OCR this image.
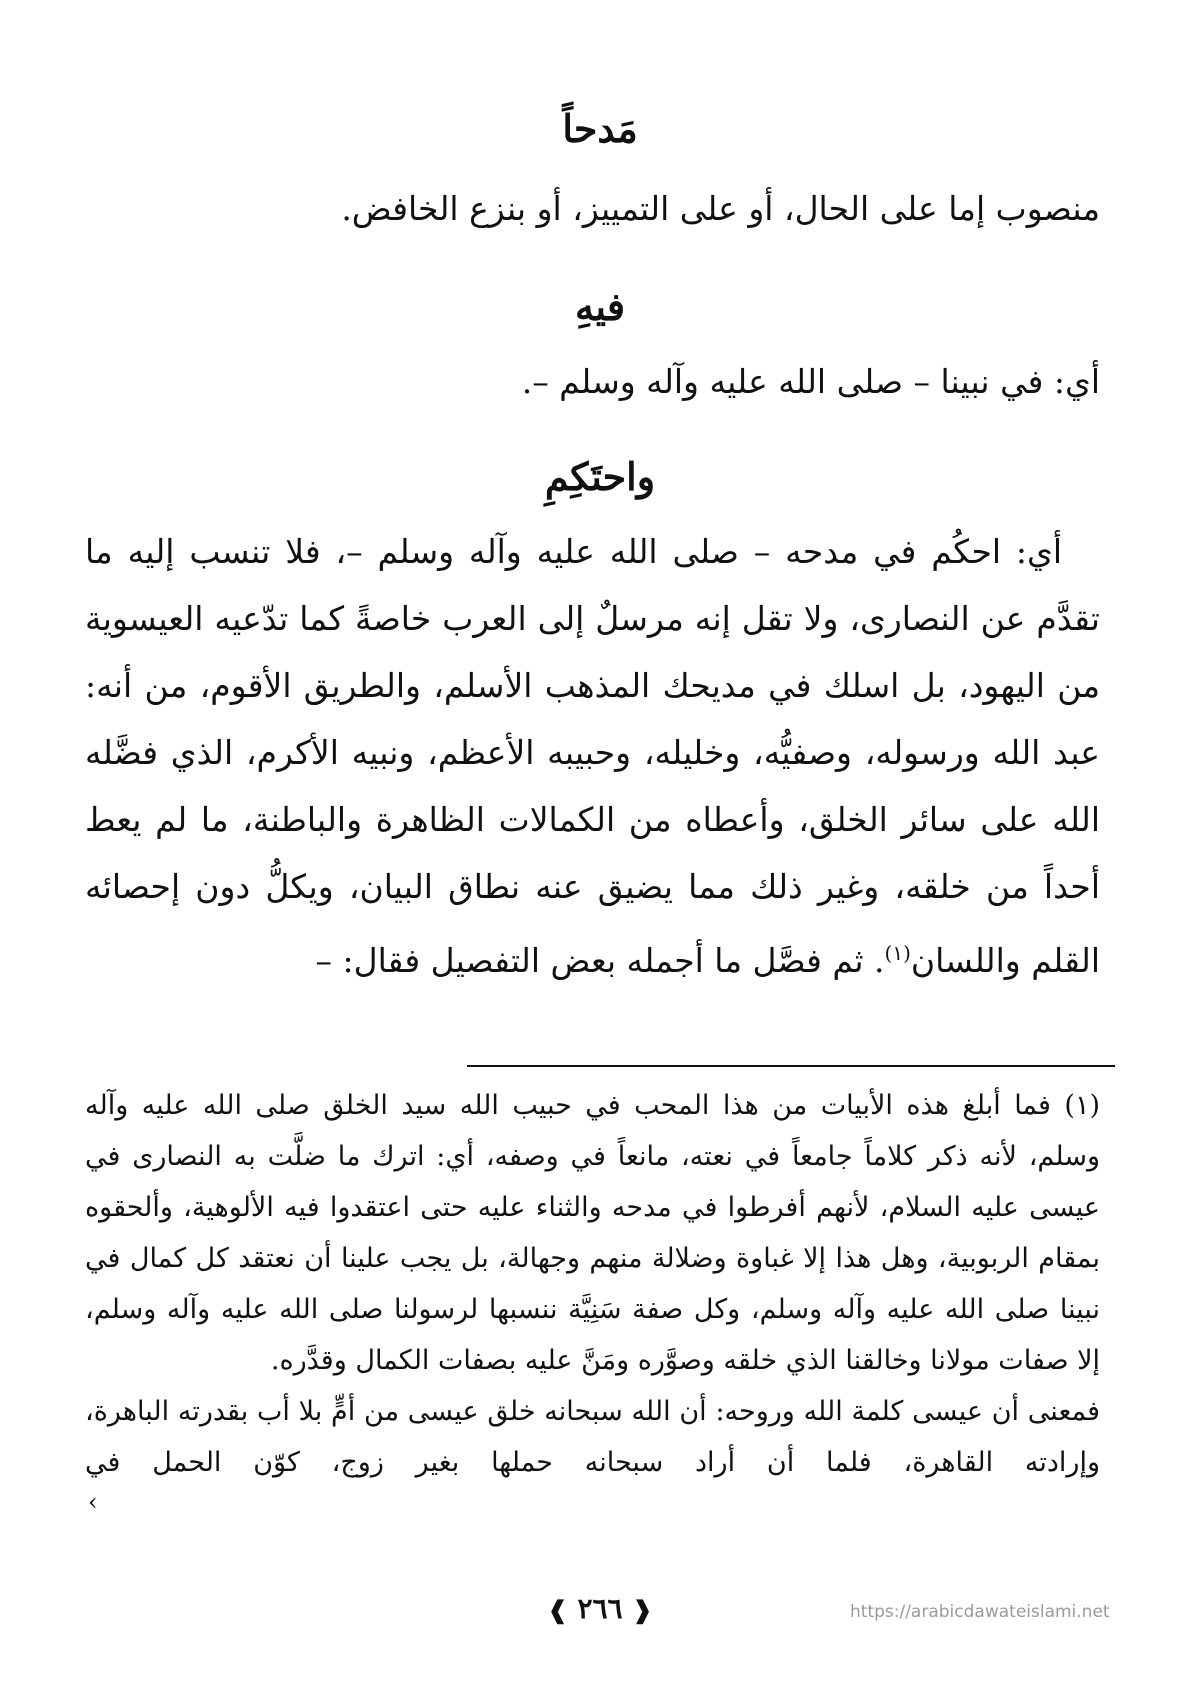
مَدحاً
منصوب إما على الحال، أو على التمييز، أو بنزع الخافض.
فيهِ
أي: في نبينا – صلى الله عليه وآله وسلم –.
واحتَكِمِ
أي: احكُم في مدحه – صلى الله عليه وآله وسلم –، فلا تنسب إليه ما تقدَّم عن النصارى، ولا تقل إنه مرسلٌ إلى العرب خاصةً كما تدّعيه العيسوية من اليهود، بل اسلك في مديحك المذهب الأسلم، والطريق الأقوم، من أنه: عبد الله ورسوله، وصفيُّه، وخليله، وحبيبه الأعظم، ونبيه الأكرم، الذي فضَّله الله على سائر الخلق، وأعطاه من الكمالات الظاهرة والباطنة، ما لم يعط أحداً من خلقه، وغير ذلك مما يضيق عنه نطاق البيان، ويكلُّ دون إحصائه القلم واللسان$^{(١)}$. ثم فصَّل ما أجمله بعض التفصيل فقال: –

(١) فما أبلغ هذه الأبيات من هذا المحب في حبيب الله سيد الخلق صلى الله عليه وآله وسلم، لأنه ذكر كلاماً جامعاً في نعته، مانعاً في وصفه، أي: اترك ما ضلَّت به النصارى في عيسى عليه السلام، لأنهم أفرطوا في مدحه والثناء عليه حتى اعتقدوا فيه الألوهية، وألحقوه بمقام الربوبية، وهل هذا إلا غباوة وضلالة منهم وجهالة، بل يجب علينا أن نعتقد كل كمال في نبينا صلى الله عليه وآله وسلم، وكل صفة سَنِيَّة ننسبها لرسولنا صلى الله عليه وآله وسلم، إلا صفات مولانا وخالقنا الذي خلقه وصوَّره ومَنَّ عليه بصفات الكمال وقدَّره.

فمعنى أن عيسى كلمة الله وروحه: أن الله سبحانه خلق عيسى من أمٍّ بلا أب بقدرته الباهرة، وإرادته القاهرة، فلما أن أراد سبحانه حملها بغير زوج، كوّن الحمل في

›
❰ ٢٦٦ ❱	https://arabicdawateislami.net
